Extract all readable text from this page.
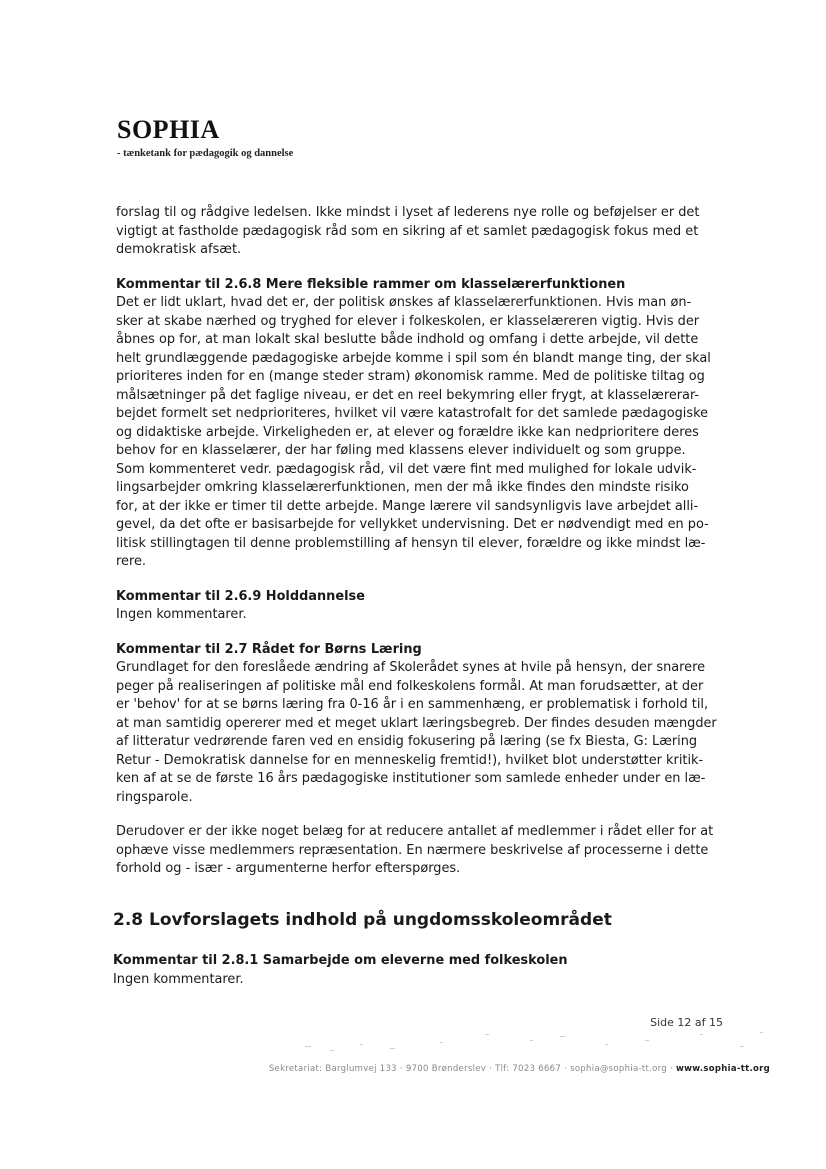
SOPHIA
- tænketank for pædagogik og dannelse

forslag til og rådgive ledelsen. Ikke mindst i lyset af lederens nye rolle og beføjelser er det
vigtigt at fastholde pædagogisk råd som en sikring af et samlet pædagogisk fokus med et
demokratisk afsæt.

Kommentar til 2.6.8 Mere fleksible rammer om klasselærerfunktionen

Det er lidt uklart, hvad det er, der politisk ønskes af klasselærerfunktionen. Hvis man øn-
sker at skabe nærhed og tryghed for elever i folkeskolen, er klasselæreren vigtig. Hvis der
åbnes op for, at man lokalt skal beslutte både indhold og omfang i dette arbejde, vil dette
helt grundlæggende pædagogiske arbejde komme i spil som én blandt mange ting, der skal
prioriteres inden for en (mange steder stram) økonomisk ramme. Med de politiske tiltag og
målsætninger på det faglige niveau, er det en reel bekymring eller frygt, at klasselærerar-
bejdet formelt set nedprioriteres, hvilket vil være katastrofalt for det samlede pædagogiske
og didaktiske arbejde. Virkeligheden er, at elever og forældre ikke kan nedprioritere deres
behov for en klasselærer, der har føling med klassens elever individuelt og som gruppe.
Som kommenteret vedr. pædagogisk råd, vil det være fint med mulighed for lokale udvik-
lingsarbejder omkring klasselærerfunktionen, men der må ikke findes den mindste risiko
for, at der ikke er timer til dette arbejde. Mange lærere vil sandsynligvis lave arbejdet alli-
gevel, da det ofte er basisarbejde for vellykket undervisning. Det er nødvendigt med en po-
litisk stillingtagen til denne problemstilling af hensyn til elever, forældre og ikke mindst læ-
rere.

Kommentar til 2.6.9 Holddannelse

Ingen kommentarer.

Kommentar til 2.7 Rådet for Børns Læring

Grundlaget for den foreslåede ændring af Skolerådet synes at hvile på hensyn, der snarere
peger på realiseringen af politiske mål end folkeskolens formål. At man forudsætter, at der
er 'behov' for at se børns læring fra 0-16 år i en sammenhæng, er problematisk i forhold til,
at man samtidig opererer med et meget uklart læringsbegreb. Der findes desuden mængder
af litteratur vedrørende faren ved en ensidig fokusering på læring (se fx Biesta, G: Læring
Retur - Demokratisk dannelse for en menneskelig fremtid!), hvilket blot understøtter kritik-
ken af at se de første 16 års pædagogiske institutioner som samlede enheder under en læ-
ringsparole.

Derudover er der ikke noget belæg for at reducere antallet af medlemmer i rådet eller for at
ophæve visse medlemmers repræsentation. En nærmere beskrivelse af processerne i dette
forhold og - især - argumenterne herfor efterspørges.

2.8 Lovforslagets indhold på ungdomsskoleområdet
Kommentar til 2.8.1 Samarbejde om eleverne med folkeskolen

Ingen kommentarer.

Side 12 af 15
Sekretariat: Barglumvej 133 · 9700 Brønderslev · Tlf: 7023 6667 · sophia@sophia-tt.org · www.sophia-tt.org
